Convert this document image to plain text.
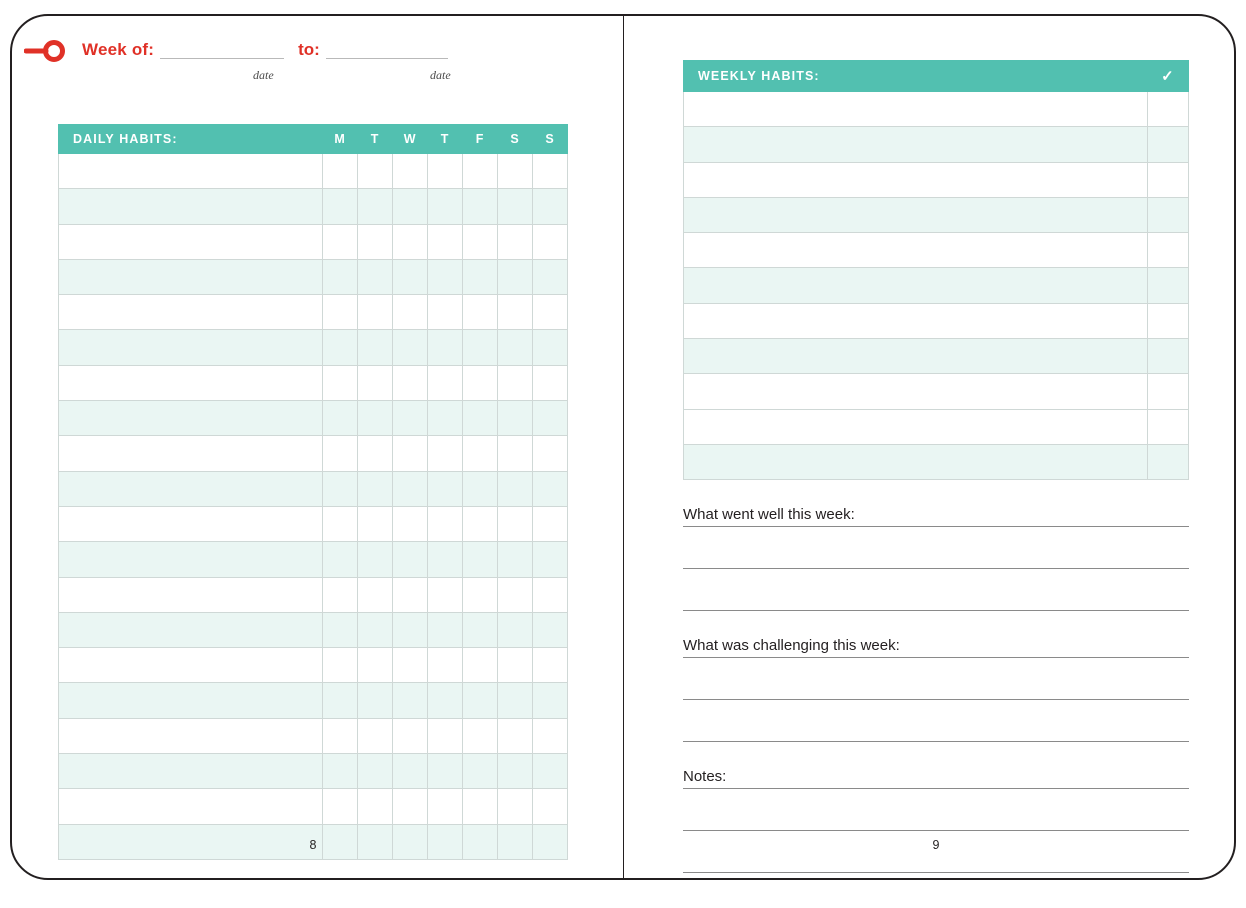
Week of:	to:
date	date
DAILY HABITS:	M	T	W	T	F	S	S

8
WEEKLY HABITS:	✓

What went well this week:
What was challenging this week:
Notes:
9
